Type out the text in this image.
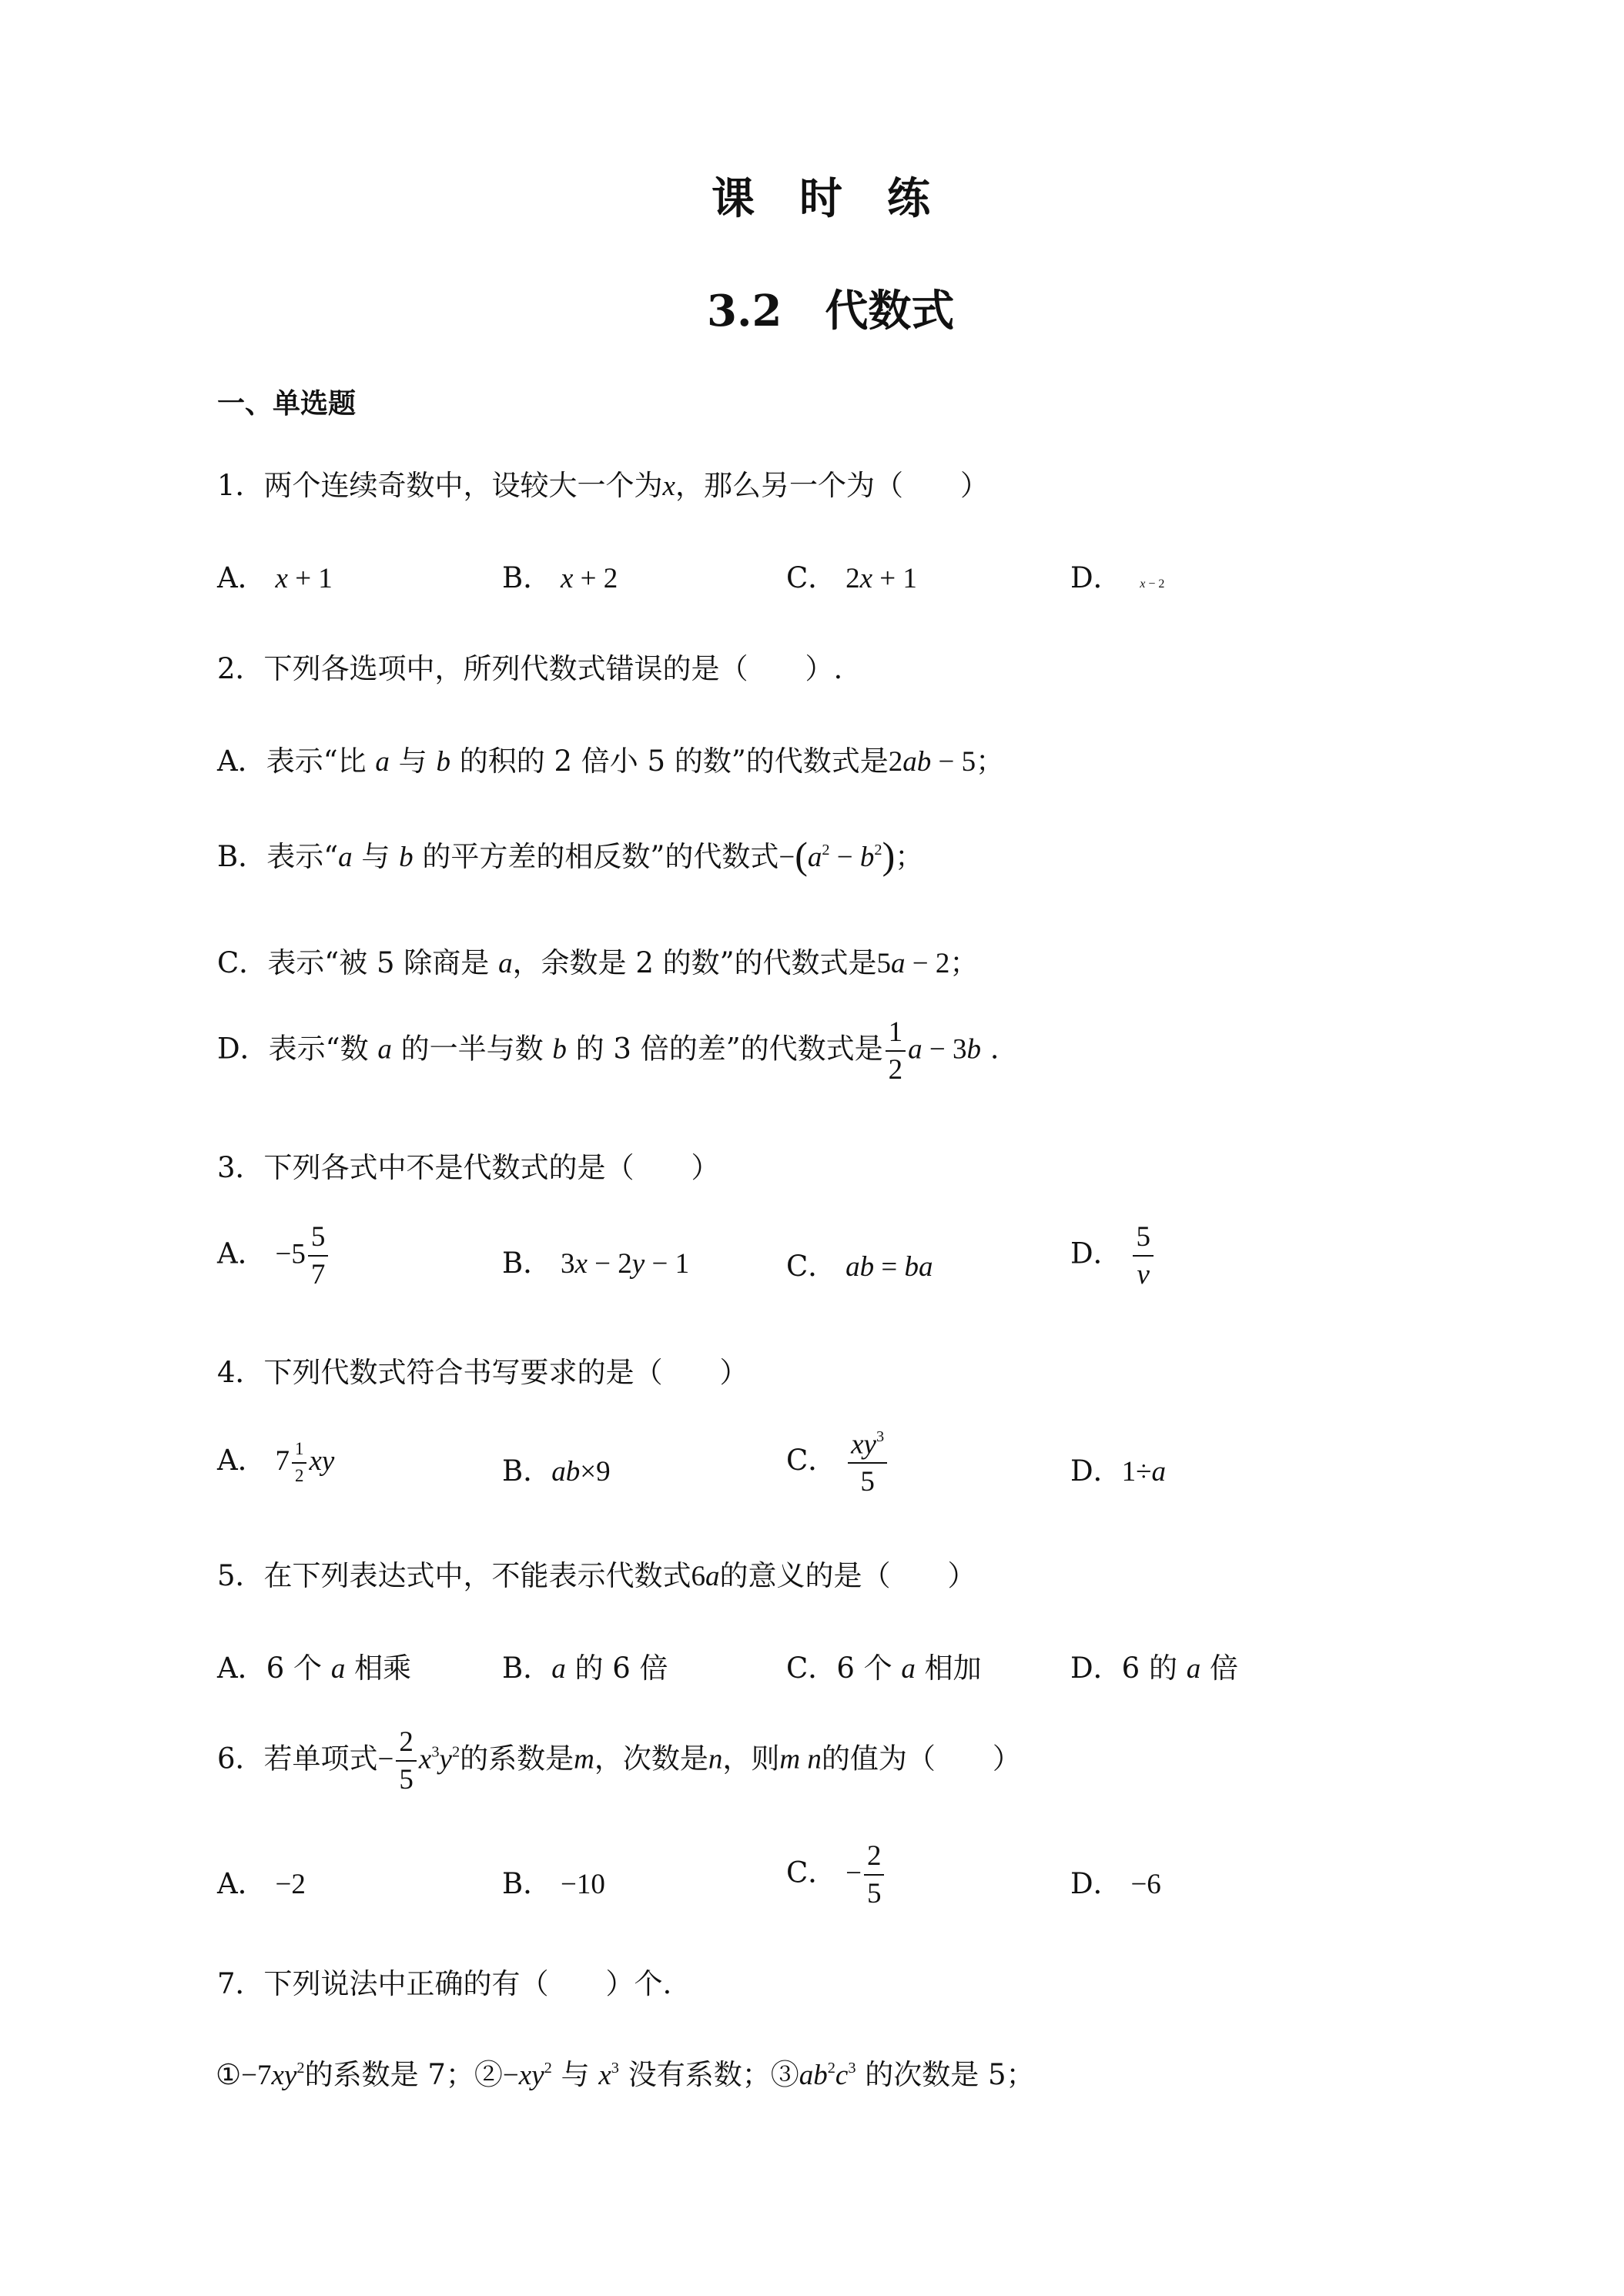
课时练
3.2　代数式
一、单选题
1．两个连续奇数中，设较大一个为x，那么另一个为（　　）
A． x + 1	B． x + 2	C． 2x + 1	D． x − 2
2．下列各选项中，所列代数式错误的是（　　）.
A．表示“比 a 与 b 的积的 2 倍小 5 的数”的代数式是2ab − 5；
B．表示“a 与 b 的平方差的相反数”的代数式$-(a^2 - b^2)$；
C．表示“被 5 除商是 a，余数是 2 的数”的代数式是5a − 2；
D．表示“数 a 的一半与数 b 的 3 倍的差”的代数式是 $\frac{1}{2}$ a − 3b .
3．下列各式中不是代数式的是（　　）
A． $-5 \frac{5}{7}$	B． 3x − 2y − 1	C． ab = ba	D． $\frac{5}{v}$
4．下列代数式符合书写要求的是（　　）
A． $7 \frac{1}{2}$ xy	B．ab×9	C． $\frac{xy^3}{5}$	D．1÷a
5．在下列表达式中，不能表示代数式6a的意义的是（　　）
A．6 个 a 相乘	B．a 的 6 倍	C．6 个 a 相加	D．6 的 a 倍
6．若单项式− $\frac{2}{5} x^3y^2$的系数是m，次数是n，则m n的值为（　　）
A． −2	B． −10	C． − $\frac{2}{5}$	D． −6
7．下列说法中正确的有（　　）个.
$①-7xy^2$的系数是 7；$②-xy^2$ 与 $x^3$ 没有系数；$③ab^2c^3$ 的次数是 5；
